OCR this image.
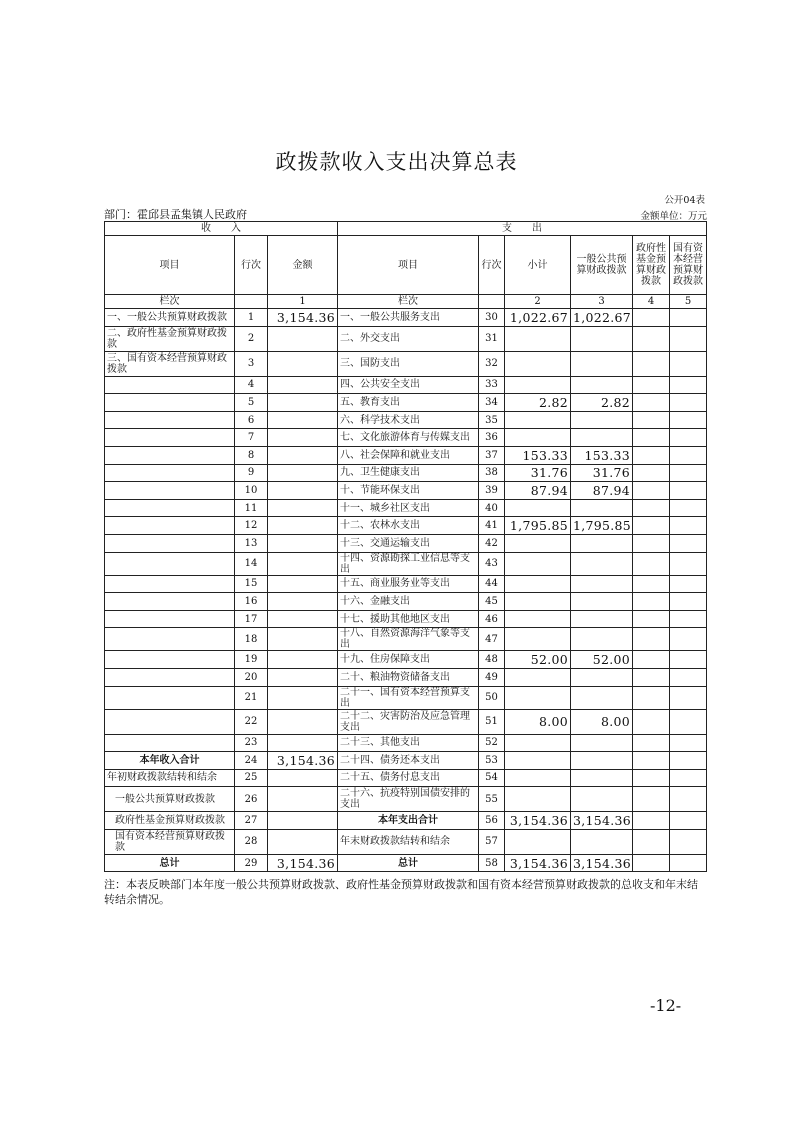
政拨款收入支出决算总表
公开04表
部门：霍邱县孟集镇人民政府	金额单位：万元
收　　入			支　　出					
项目	行次	金额	项目	行次	小计	一般公共预算财政拨款	政府性基金预算财政拨款	国有资本经营预算财政拨款
栏次		1	栏次		2	3	4	5
一、一般公共预算财政拨款	1	3,154.36	一、一般公共服务支出	30	1,022.67	1,022.67		
二、政府性基金预算财政拨款	2		二、外交支出	31				
三、国有资本经营预算财政拨款	3		三、国防支出	32				
	4		四、公共安全支出	33				
	5		五、教育支出	34	2.82	2.82		
	6		六、科学技术支出	35				
	7		七、文化旅游体育与传媒支出	36				
	8		八、社会保障和就业支出	37	153.33	153.33		
	9		九、卫生健康支出	38	31.76	31.76		
	10		十、节能环保支出	39	87.94	87.94		
	11		十一、城乡社区支出	40				
	12		十二、农林水支出	41	1,795.85	1,795.85		
	13		十三、交通运输支出	42				
	14		十四、资源勘探工业信息等支出	43				
	15		十五、商业服务业等支出	44				
	16		十六、金融支出	45				
	17		十七、援助其他地区支出	46				
	18		十八、自然资源海洋气象等支出	47				
	19		十九、住房保障支出	48	52.00	52.00		
	20		二十、粮油物资储备支出	49				
	21		二十一、国有资本经营预算支出	50				
	22		二十二、灾害防治及应急管理支出	51	8.00	8.00		
	23		二十三、其他支出	52				
本年收入合计	24	3,154.36	二十四、债务还本支出	53				
年初财政拨款结转和结余	25		二十五、债务付息支出	54				
一般公共预算财政拨款	26		二十六、抗疫特别国债安排的支出	55				
政府性基金预算财政拨款	27		本年支出合计	56	3,154.36	3,154.36		
国有资本经营预算财政拨款	28		年末财政拨款结转和结余	57				
总计	29	3,154.36	总计	58	3,154.36	3,154.36		
注：本表反映部门本年度一般公共预算财政拨款、政府性基金预算财政拨款和国有资本经营预算财政拨款的总收支和年末结转结余情况。
-12-
